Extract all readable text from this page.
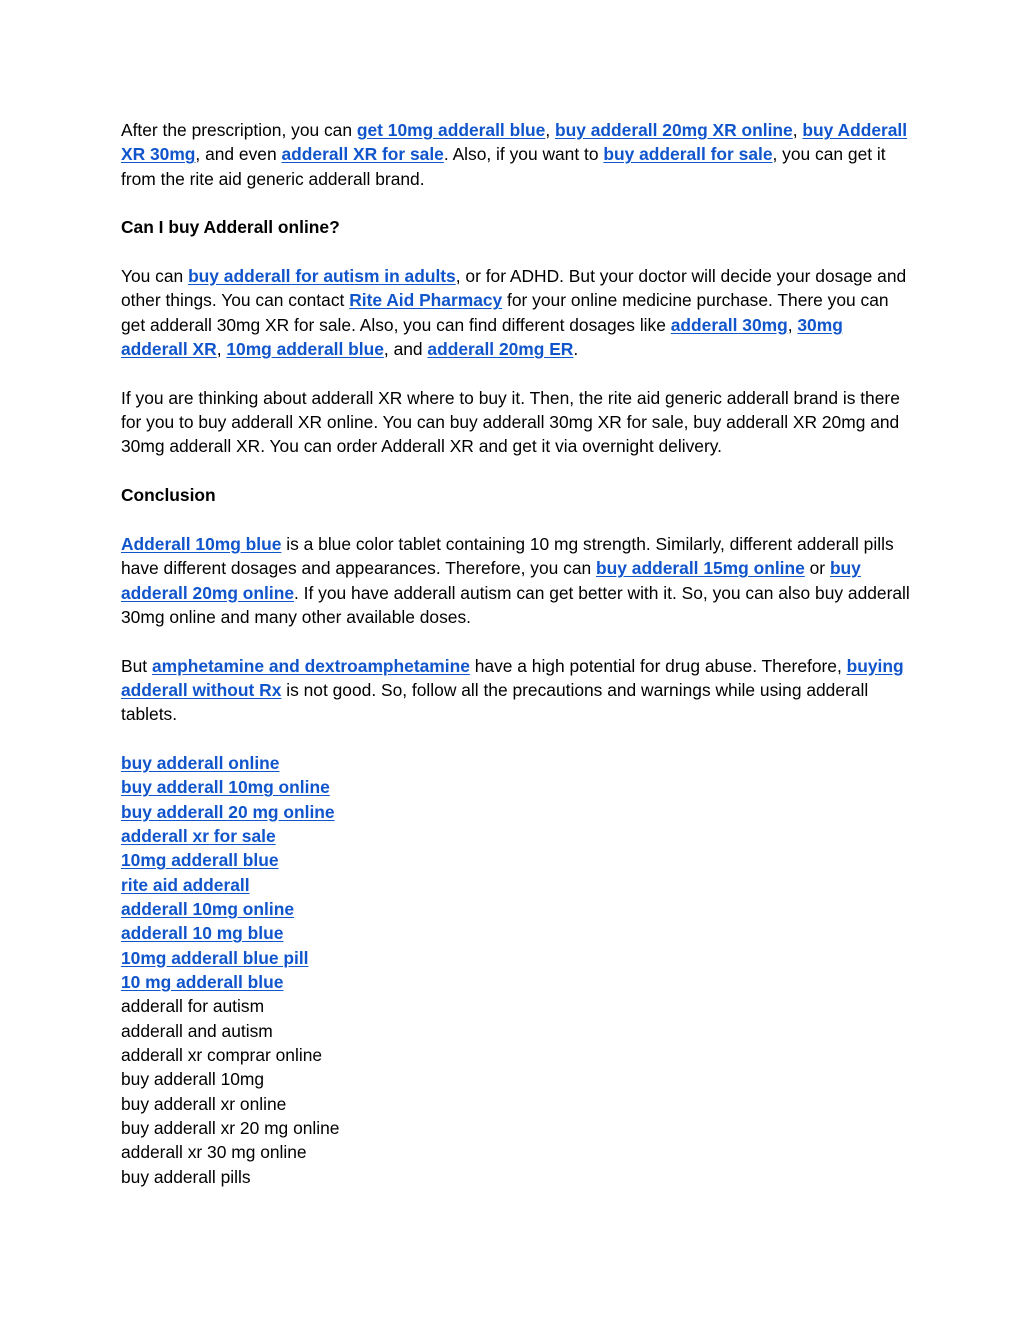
After the prescription, you can get 10mg adderall blue, buy adderall 20mg XR online, buy Adderall XR 30mg, and even adderall XR for sale. Also, if you want to buy adderall for sale, you can get it from the rite aid generic adderall brand.

Can I buy Adderall online?

You can buy adderall for autism in adults, or for ADHD. But your doctor will decide your dosage and other things. You can contact Rite Aid Pharmacy for your online medicine purchase. There you can get adderall 30mg XR for sale. Also, you can find different dosages like adderall 30mg, 30mg adderall XR, 10mg adderall blue, and adderall 20mg ER.

If you are thinking about adderall XR where to buy it. Then, the rite aid generic adderall brand is there for you to buy adderall XR online. You can buy adderall 30mg XR for sale, buy adderall XR 20mg and 30mg adderall XR. You can order Adderall XR and get it via overnight delivery.

Conclusion

Adderall 10mg blue is a blue color tablet containing 10 mg strength. Similarly, different adderall pills have different dosages and appearances. Therefore, you can buy adderall 15mg online or buy adderall 20mg online. If you have adderall autism can get better with it. So, you can also buy adderall 30mg online and many other available doses.

But amphetamine and dextroamphetamine have a high potential for drug abuse. Therefore, buying adderall without Rx is not good. So, follow all the precautions and warnings while using adderall tablets.

buy adderall online
buy adderall 10mg online
buy adderall 20 mg online
adderall xr for sale
10mg adderall blue
rite aid adderall
adderall 10mg online
adderall 10 mg blue
10mg adderall blue pill
10 mg adderall blue
adderall for autism
adderall and autism
adderall xr comprar online
buy adderall 10mg
buy adderall xr online
buy adderall xr 20 mg online
adderall xr 30 mg online
buy adderall pills
